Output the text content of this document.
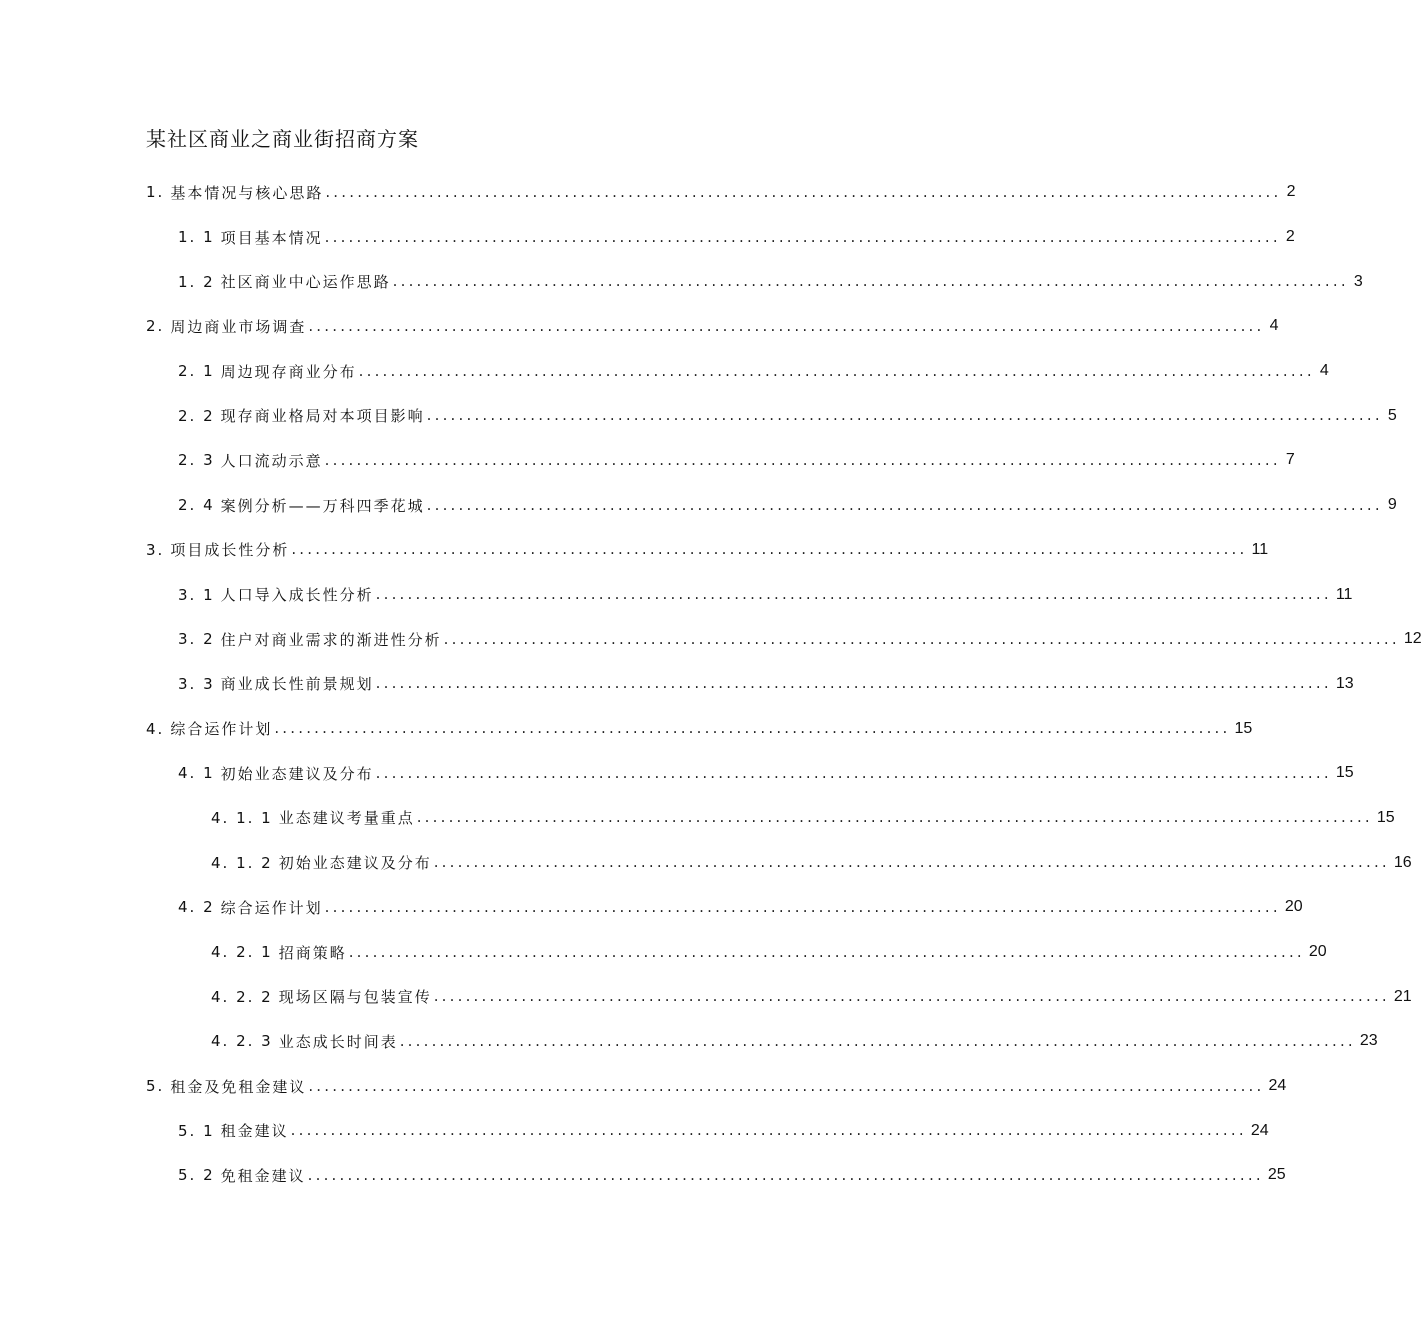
某社区商业之商业街招商方案
1. 基本情况与核心思路 ........................................................................................................................ 2
1. 1 项目基本情况 ........................................................................................................................ 2
1. 2 社区商业中心运作思路 ........................................................................................................................ 3
2. 周边商业市场调查 ........................................................................................................................ 4
2. 1 周边现存商业分布 ........................................................................................................................ 4
2. 2 现存商业格局对本项目影响 ........................................................................................................................ 5
2. 3 人口流动示意 ........................................................................................................................ 7
2. 4 案例分析——万科四季花城 ........................................................................................................................ 9
3. 项目成长性分析 ........................................................................................................................ 11
3. 1 人口导入成长性分析 ........................................................................................................................ 11
3. 2 住户对商业需求的渐进性分析 ........................................................................................................................ 12
3. 3 商业成长性前景规划 ........................................................................................................................ 13
4. 综合运作计划 ........................................................................................................................ 15
4. 1 初始业态建议及分布 ........................................................................................................................ 15
4. 1. 1 业态建议考量重点 ........................................................................................................................ 15
4. 1. 2 初始业态建议及分布 ........................................................................................................................ 16
4. 2 综合运作计划 ........................................................................................................................ 20
4. 2. 1 招商策略 ........................................................................................................................ 20
4. 2. 2 现场区隔与包装宣传 ........................................................................................................................ 21
4. 2. 3 业态成长时间表 ........................................................................................................................ 23
5. 租金及免租金建议 ........................................................................................................................ 24
5. 1 租金建议 ........................................................................................................................ 24
5. 2 免租金建议 ........................................................................................................................ 25
